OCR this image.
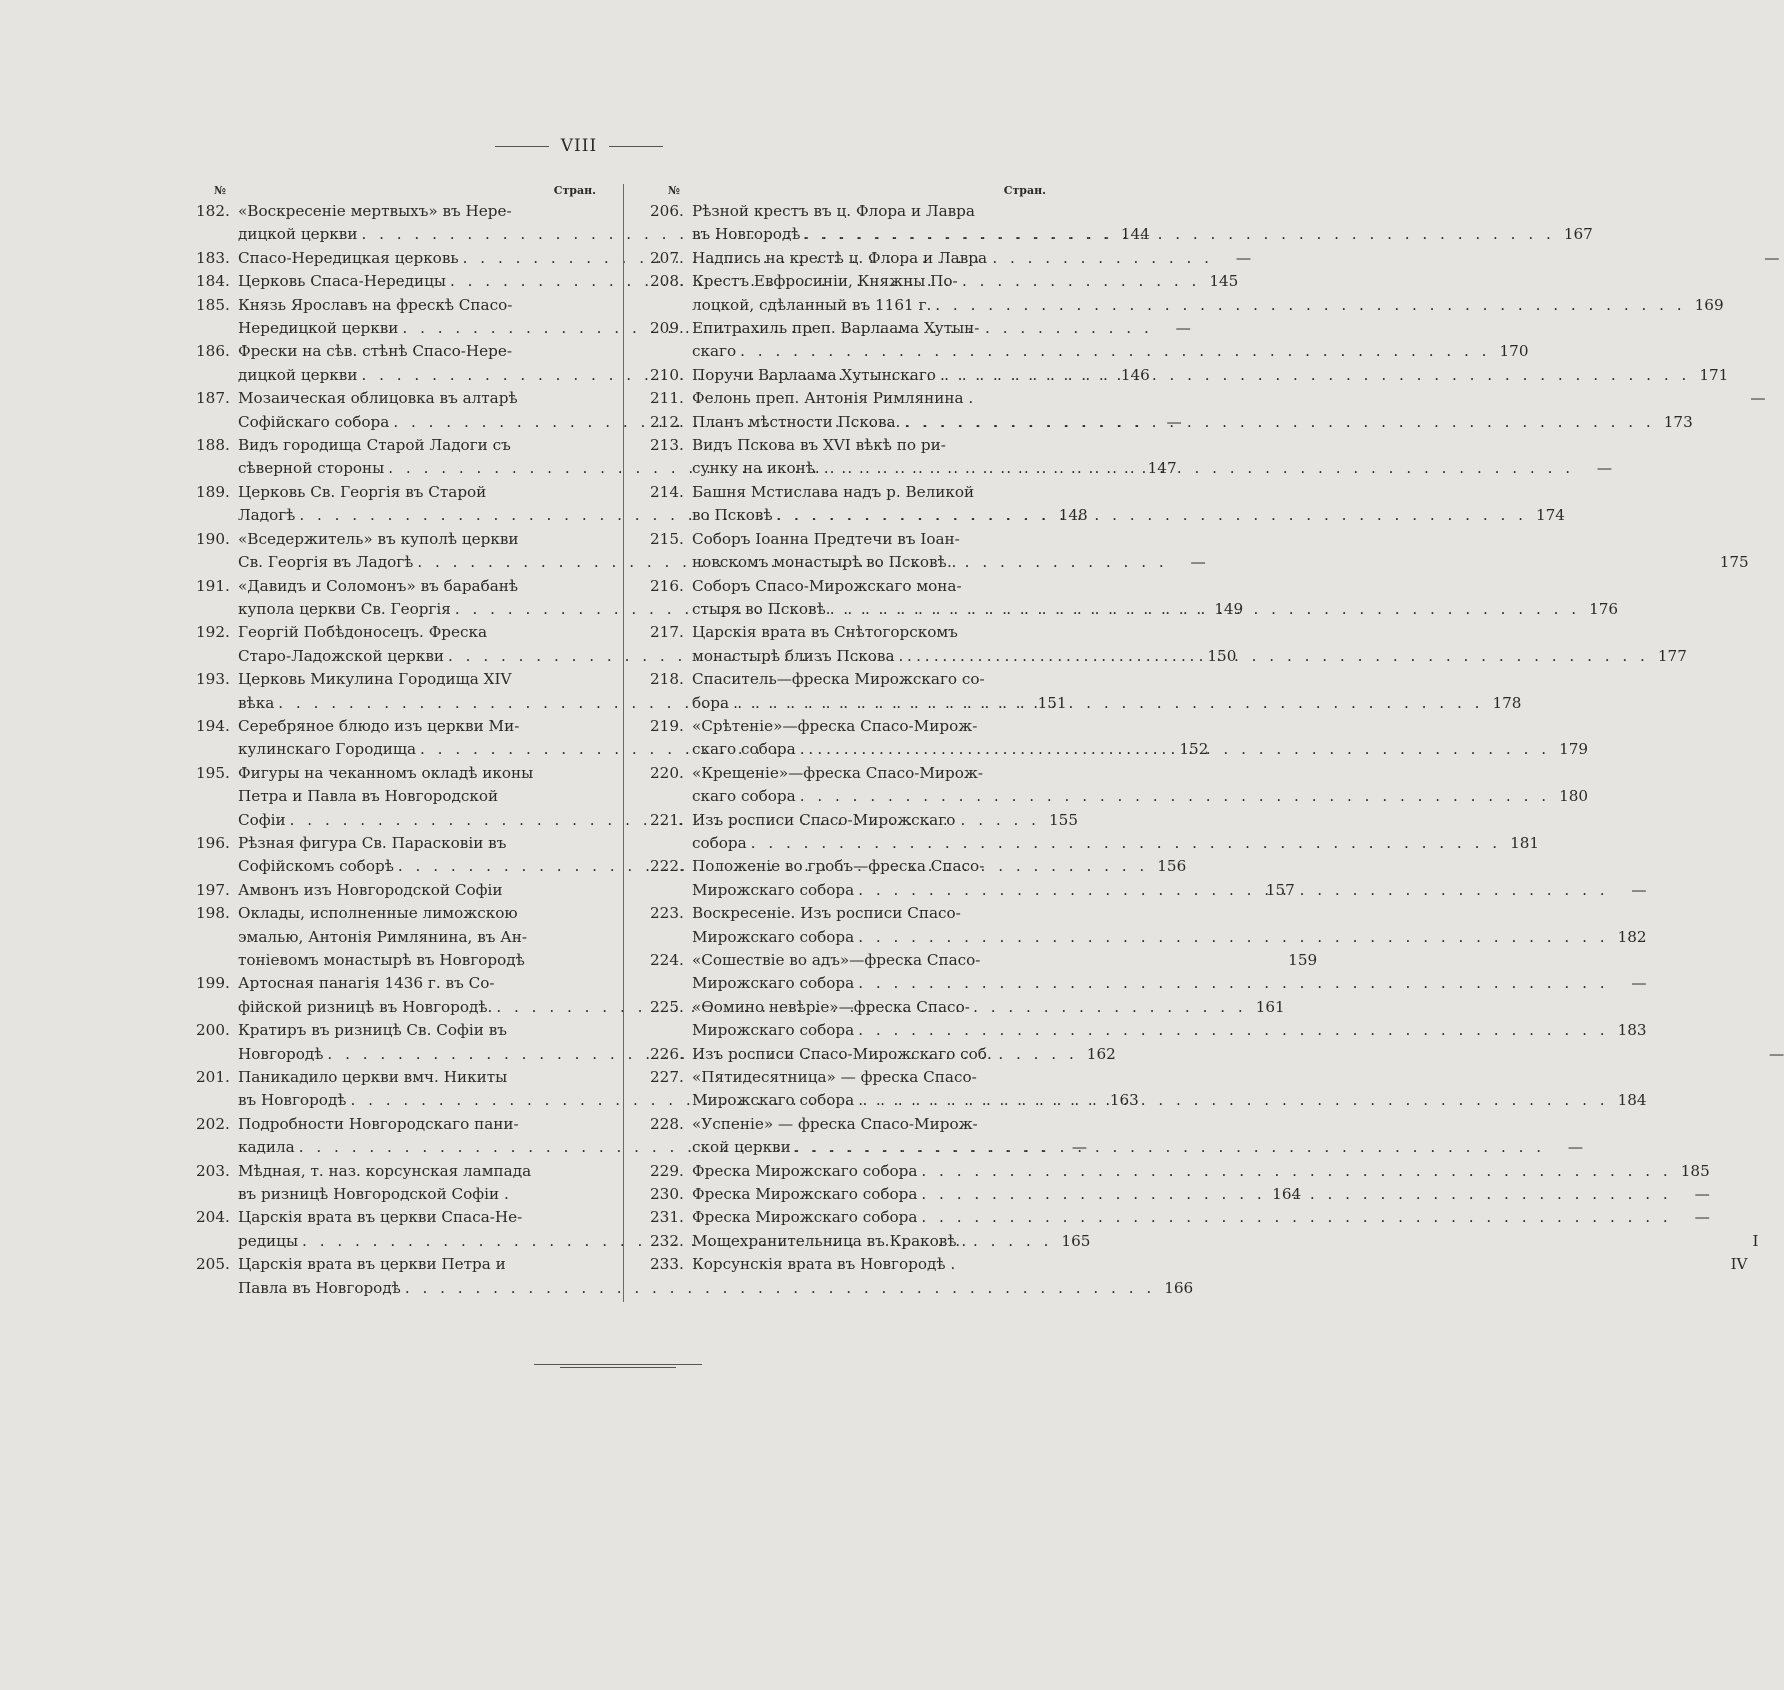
VIII
№	Стран.
182. «Воскресеніе мертвыхъ» въ Нере-
дицкой церкви . . .	144
183. Спасо-Нередицкая церковь . . .	—
184. Церковь Спаса-Нередицы . . .	145
185. Князь Ярославъ на фрескѣ Спасо-
Нередицкой церкви . . .	—
186. Фрески на сѣв. стѣнѣ Спасо-Нере-
дицкой церкви . . .	146
187. Мозаическая облицовка въ алтарѣ
Софійскаго собора . . .	—
188. Видъ городища Старой Ладоги съ
сѣверной стороны . . .	147
189. Церковь Св. Георгія въ Старой
Ладогѣ . . .	148
190. «Вседержитель» въ куполѣ церкви
Св. Георгія въ Ладогѣ . . .	—
191. «Давидъ и Соломонъ» въ барабанѣ
купола церкви Св. Георгія . . .	149
192. Георгій Побѣдоносецъ. Фреска
Старо-Ладожской церкви . . .	150
193. Церковь Микулина Городища XIV
вѣка . . .	151
194. Серебряное блюдо изъ церкви Ми-
кулинскаго Городища . . .	152
195. Фигуры на чеканномъ окладѣ иконы
Петра и Павла въ Новгородской
Софіи . . .	155
196. Рѣзная фигура Св. Парасковіи въ
Софійскомъ соборѣ . . .	156
197. Амвонъ изъ Новгородской Софіи	157
198. Оклады, исполненные лиможскою
эмалью, Антонія Римлянина, въ Ан-
тоніевомъ монастырѣ въ Новгородѣ	159
199. Артосная панагія 1436 г. въ Со-
фійской ризницѣ въ Новгородѣ. . . .	161
200. Кратиръ въ ризницѣ Св. Софіи въ
Новгородѣ . . .	162
201. Паникадило церкви вмч. Никиты
въ Новгородѣ . . .	163
202. Подробности Новгородскаго пани-
кадила . . .	—
203. Мѣдная, т. наз. корсунская лампада
въ ризницѣ Новгородской Софіи .	164
204. Царскія врата въ церкви Спаса-Не-
редицы . . .	165
205. Царскія врата въ церкви Петра и
Павла въ Новгородѣ . . .	166
№	Стран.
206. Рѣзной крестъ въ ц. Флора и Лавра
въ Новгородѣ . . .	167
207. Надпись на крестѣ ц. Флора и Лавра	—
208. Крестъ Евфросиніи, Княжны По-
лоцкой, сдѣланный въ 1161 г. . . .	169
209. Епитрахиль преп. Варлаама Хутын-
скаго . . .	170
210. Поручи Варлаама Хутынскаго . . .	171
211. Фелонь преп. Антонія Римлянина .	—
212. Планъ мѣстности Пскова. . . .	173
213. Видъ Пскова въ XVI вѣкѣ по ри-
сунку на иконѣ. . . .	—
214. Башня Мстислава надъ р. Великой
во Псковѣ . . .	174
215. Соборъ Іоанна Предтечи въ Іоан-
новскомъ монастырѣ во Псковѣ .	175
216. Соборъ Спасо-Мирожскаго мона-
стыря во Псковѣ . . .	176
217. Царскія врата въ Снѣтогорскомъ
монастырѣ близъ Пскова . . .	177
218. Спаситель—фреска Мирожскаго со-
бора . . .	178
219. «Срѣтеніе»—фреска Спасо-Мирож-
скаго собора . . .	179
220. «Крещеніе»—фреска Спасо-Мирож-
скаго собора . . .	180
221. Изъ росписи Спасо-Мирожскаго
собора . . .	181
222. Положеніе во гробъ—фреска Спасо-
Мирожскаго собора . . .	—
223. Воскресеніе. Изъ росписи Спасо-
Мирожскаго собора . . .	182
224. «Сошествіе во адъ»—фреска Спасо-
Мирожскаго собора . . .	—
225. «Ѳомино невѣріе»—фреска Спасо-
Мирожскаго собора . . .	183
226. Изъ росписи Спасо-Мирожскаго соб.	—
227. «Пятидесятница» — фреска Спасо-
Мирожскаго собора . . .	184
228. «Успеніе» — фреска Спасо-Мирож-
ской церкви . . .	—
229. Фреска Мирожскаго собора . . .	185
230. Фреска Мирожскаго собора . . .	—
231. Фреска Мирожскаго собора . . .	—
232. Мощехранительница въ Краковѣ .	I
233. Корсунскія врата въ Новгородѣ .	IV
